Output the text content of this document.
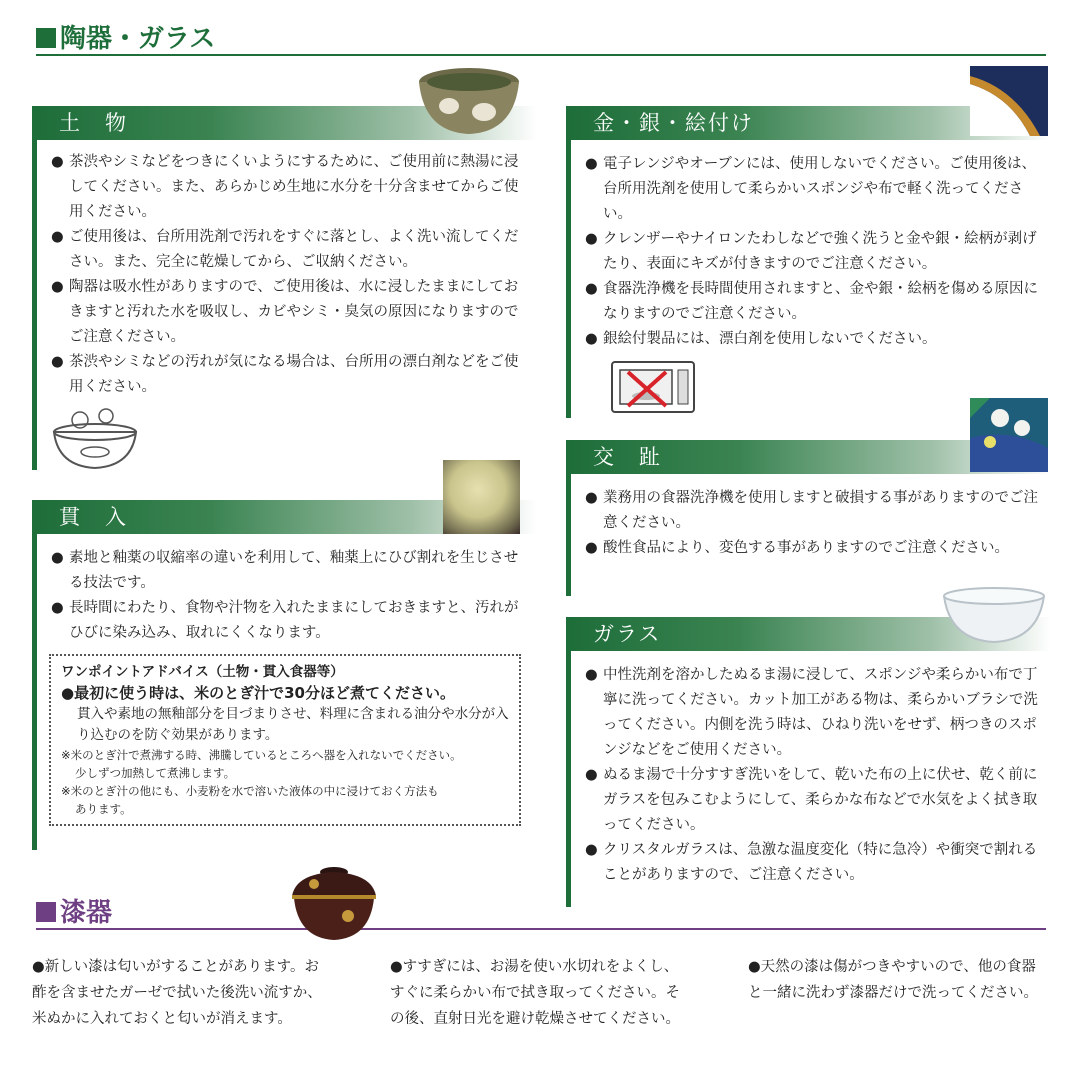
陶器・ガラス
土　物
● 茶渋やシミなどをつきにくいようにするために、ご使用前に熱湯に浸してください。また、あらかじめ生地に水分を十分含ませてからご使用ください。
● ご使用後は、台所用洗剤で汚れをすぐに落とし、よく洗い流してください。また、完全に乾燥してから、ご収納ください。
● 陶器は吸水性がありますので、ご使用後は、水に浸したままにしておきますと汚れた水を吸収し、カビやシミ・臭気の原因になりますのでご注意ください。
● 茶渋やシミなどの汚れが気になる場合は、台所用の漂白剤などをご使用ください。
貫　入
● 素地と釉薬の収縮率の違いを利用して、釉薬上にひび割れを生じさせる技法です。
● 長時間にわたり、食物や汁物を入れたままにしておきますと、汚れがひびに染み込み、取れにくくなります。
ワンポイントアドバイス（土物・貫入食器等）
●最初に使う時は、米のとぎ汁で30分ほど煮てください。
貫入や素地の無釉部分を目づまりさせ、料理に含まれる油分や水分が入り込むのを防ぐ効果があります。
※米のとぎ汁で煮沸する時、沸騰しているところへ器を入れないでください。
少しずつ加熱して煮沸します。
※米のとぎ汁の他にも、小麦粉を水で溶いた液体の中に浸けておく方法も
あります。
金・銀・絵付け
● 電子レンジやオーブンには、使用しないでください。ご使用後は、台所用洗剤を使用して柔らかいスポンジや布で軽く洗ってください。
● クレンザーやナイロンたわしなどで強く洗うと金や銀・絵柄が剥げたり、表面にキズが付きますのでご注意ください。
● 食器洗浄機を長時間使用されますと、金や銀・絵柄を傷める原因になりますのでご注意ください。
● 銀絵付製品には、漂白剤を使用しないでください。
交　趾
● 業務用の食器洗浄機を使用しますと破損する事がありますのでご注意ください。
● 酸性食品により、変色する事がありますのでご注意ください。
ガラス
● 中性洗剤を溶かしたぬるま湯に浸して、スポンジや柔らかい布で丁寧に洗ってください。カット加工がある物は、柔らかいブラシで洗ってください。内側を洗う時は、ひねり洗いをせず、柄つきのスポンジなどをご使用ください。
● ぬるま湯で十分すすぎ洗いをして、乾いた布の上に伏せ、乾く前にガラスを包みこむようにして、柔らかな布などで水気をよく拭き取ってください。
● クリスタルガラスは、急激な温度変化（特に急冷）や衝突で割れることがありますので、ご注意ください。
漆器
●新しい漆は匂いがすることがあります。お酢を含ませたガーゼで拭いた後洗い流すか、米ぬかに入れておくと匂いが消えます。
●すすぎには、お湯を使い水切れをよくし、すぐに柔らかい布で拭き取ってください。その後、直射日光を避け乾燥させてください。
●天然の漆は傷がつきやすいので、他の食器と一緒に洗わず漆器だけで洗ってください。
